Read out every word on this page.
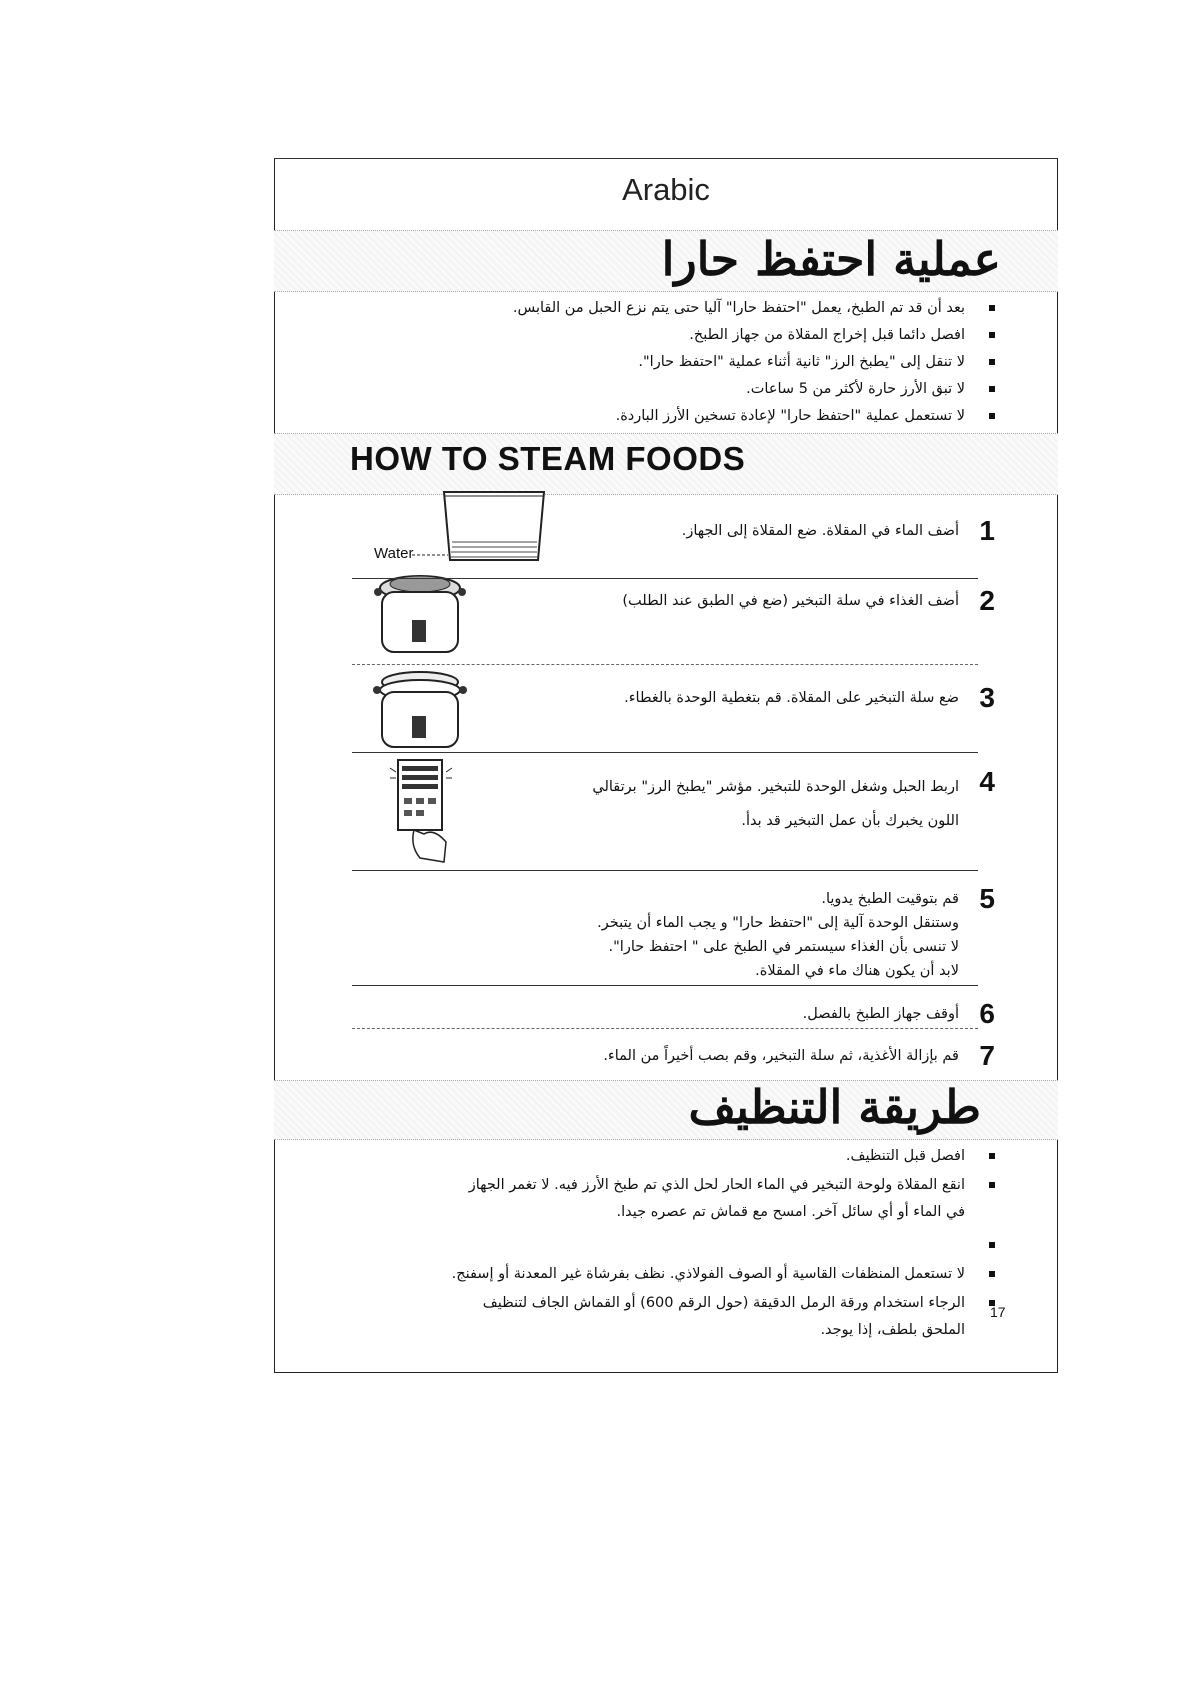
Arabic
عملية احتفظ حارا
بعد أن قد تم الطبخ، يعمل "احتفظ حارا" آليا حتى يتم نزع الحبل من القابس.
افصل دائما قبل إخراج المقلاة من جهاز الطبخ.
لا تنقل إلى "يطبخ الرز" ثانية أثناء عملية "احتفظ حارا".
لا تبق الأرز حارة لأكثر من 5 ساعات.
لا تستعمل عملية "احتفظ حارا" لإعادة تسخين الأرز الباردة.
HOW TO STEAM FOODS
Water
1
أضف الماء في المقلاة. ضع المقلاة إلى الجهاز.
2
أضف الغذاء في سلة التبخير (ضع في الطبق عند الطلب)
3
ضع سلة التبخير على المقلاة. قم بتغطية الوحدة بالغطاء.
4
اربط الحبل وشغل الوحدة للتبخير. مؤشر "يطبخ الرز" برتقالي
اللون يخبرك بأن عمل التبخير قد بدأ.
5
قم بتوقيت الطبخ يدويا.
وستنقل الوحدة آلية إلى "احتفظ حارا" و يجب الماء أن يتبخر.
لا تنسى بأن الغذاء سيستمر في الطبخ على " احتفظ حارا".
لابد أن يكون هناك ماء في المقلاة.
6
أوقف جهاز الطبخ بالفصل.
7
قم بإزالة الأغذية، ثم سلة التبخير، وقم بصب أخيراً من الماء.
طريقة التنظيف
افصل قبل التنظيف.
انقع المقلاة ولوحة التبخير في الماء الحار لحل الذي تم طبخ الأرز فيه. لا تغمر الجهاز
في الماء أو أي سائل آخر. امسح مع قماش تم عصره جيدا.
لا تستعمل المنظفات القاسية أو الصوف الفولاذي. نظف بفرشاة غير المعدنة أو إسفنج.
الرجاء استخدام ورقة الرمل الدقيقة (حول الرقم 600) أو القماش الجاف لتنظيف
الملحق بلطف، إذا يوجد.
17
